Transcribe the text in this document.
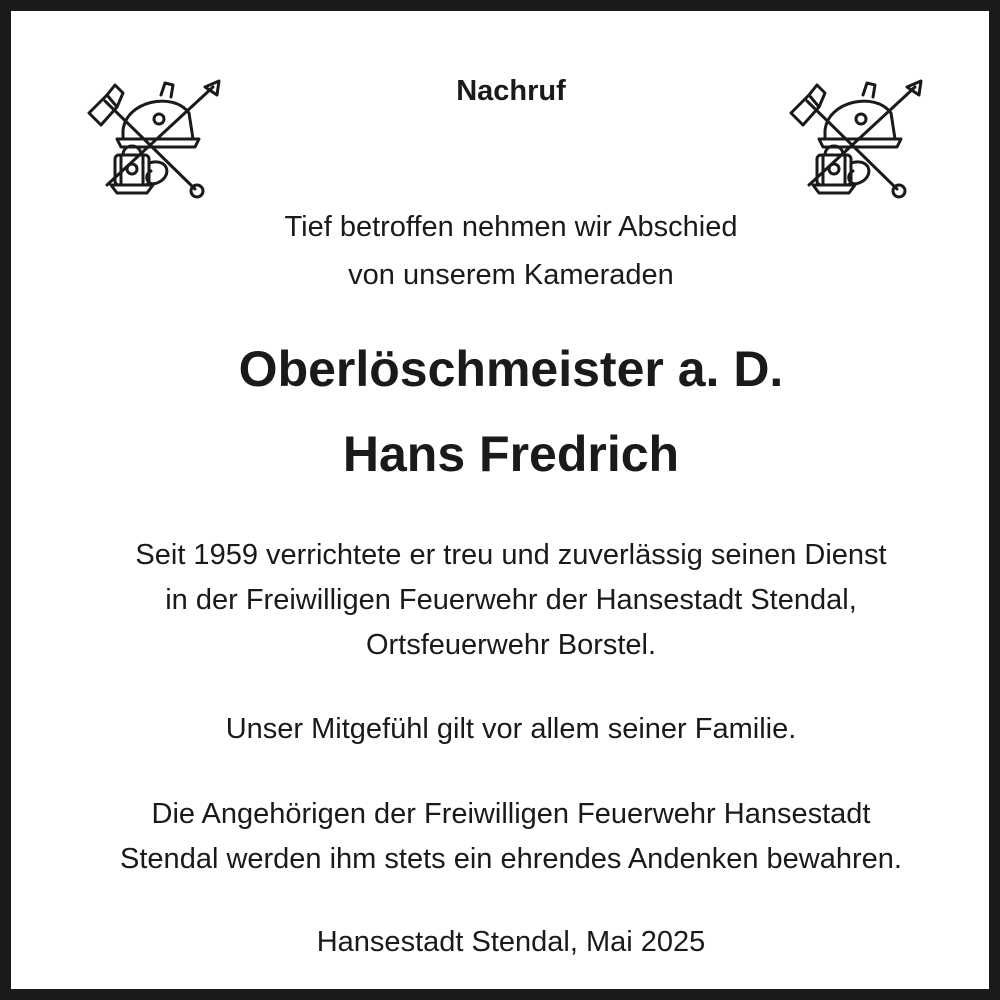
Nachruf
Tief betroffen nehmen wir Abschied
von unserem Kameraden
Oberlöschmeister a. D.
Hans Fredrich
Seit 1959 verrichtete er treu und zuverlässig seinen Dienst
in der Freiwilligen Feuerwehr der Hansestadt Stendal,
Ortsfeuerwehr Borstel.
Unser Mitgefühl gilt vor allem seiner Familie.
Die Angehörigen der Freiwilligen Feuerwehr Hansestadt
Stendal werden ihm stets ein ehrendes Andenken bewahren.
Hansestadt Stendal, Mai 2025
